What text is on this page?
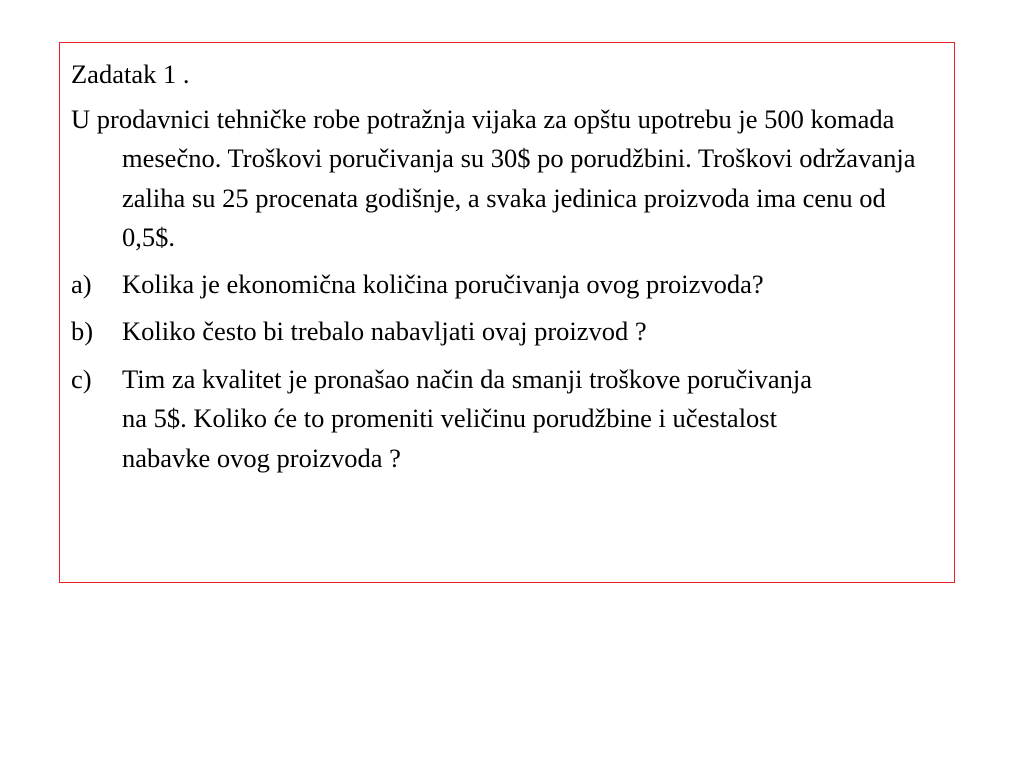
Zadatak 1 .
U prodavnici tehničke robe potražnja vijaka za opštu upotrebu je 500 komada mesečno. Troškovi poručivanja su 30$ po porudžbini. Troškovi održavanja zaliha su 25 procenata godišnje, a svaka jedinica proizvoda ima cenu od 0,5$.
a)	Kolika je ekonomična količina poručivanja ovog proizvoda?
b)	Koliko često bi trebalo nabavljati ovaj proizvod ?
c)	Tim za kvalitet je pronašao način da smanji troškove poručivanja na 5$. Koliko će to promeniti veličinu porudžbine i učestalost nabavke ovog proizvoda ?
